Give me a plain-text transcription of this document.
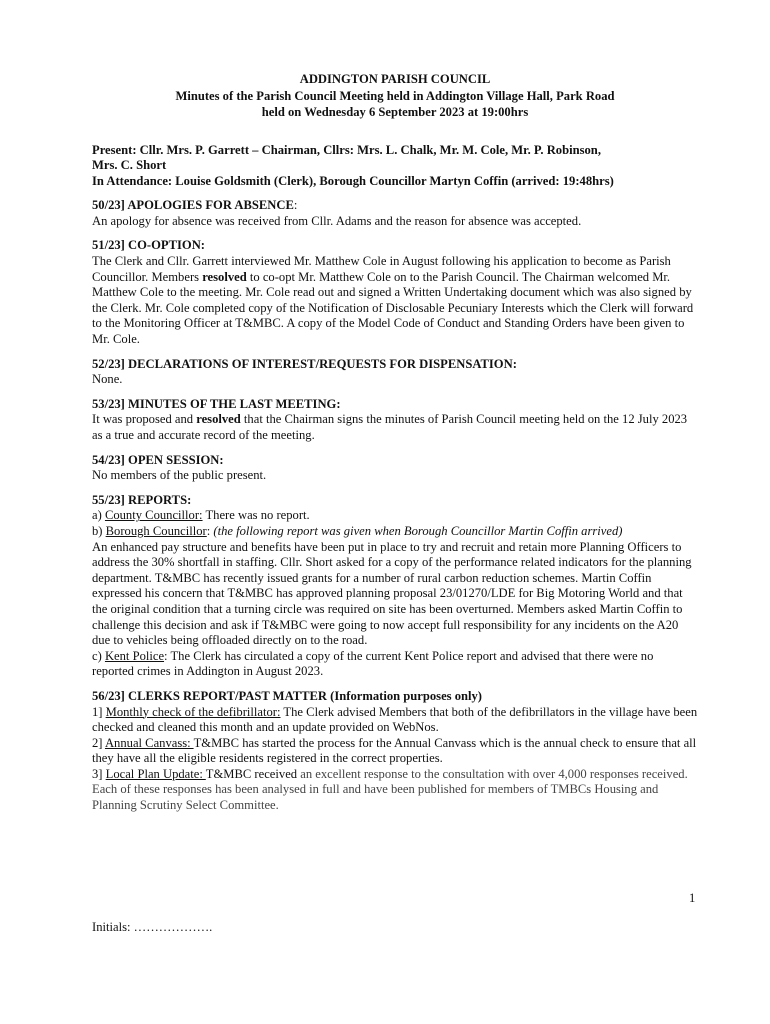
ADDINGTON PARISH COUNCIL
Minutes of the Parish Council Meeting held in Addington Village Hall, Park Road
held on Wednesday 6 September 2023 at 19:00hrs
Present: Cllr. Mrs. P. Garrett – Chairman, Cllrs: Mrs. L. Chalk, Mr. M. Cole, Mr. P. Robinson,
Mrs. C. Short
In Attendance: Louise Goldsmith (Clerk), Borough Councillor Martyn Coffin (arrived: 19:48hrs)
50/23] APOLOGIES FOR ABSENCE:
An apology for absence was received from Cllr. Adams and the reason for absence was accepted.
51/23] CO-OPTION:
The Clerk and Cllr. Garrett interviewed Mr. Matthew Cole in August following his application to become as Parish Councillor. Members resolved to co-opt Mr. Matthew Cole on to the Parish Council. The Chairman welcomed Mr. Matthew Cole to the meeting. Mr. Cole read out and signed a Written Undertaking document which was also signed by the Clerk. Mr. Cole completed copy of the Notification of Disclosable Pecuniary Interests which the Clerk will forward to the Monitoring Officer at T&MBC. A copy of the Model Code of Conduct and Standing Orders have been given to Mr. Cole.
52/23] DECLARATIONS OF INTEREST/REQUESTS FOR DISPENSATION:
None.
53/23] MINUTES OF THE LAST MEETING:
It was proposed and resolved that the Chairman signs the minutes of Parish Council meeting held on the 12 July 2023 as a true and accurate record of the meeting.
54/23] OPEN SESSION:
No members of the public present.
55/23] REPORTS:
a) County Councillor: There was no report.
b) Borough Councillor: (the following report was given when Borough Councillor Martin Coffin arrived)
An enhanced pay structure and benefits have been put in place to try and recruit and retain more Planning Officers to address the 30% shortfall in staffing. Cllr. Short asked for a copy of the performance related indicators for the planning department. T&MBC has recently issued grants for a number of rural carbon reduction schemes. Martin Coffin expressed his concern that T&MBC has approved planning proposal 23/01270/LDE for Big Motoring World and that the original condition that a turning circle was required on site has been overturned. Members asked Martin Coffin to challenge this decision and ask if T&MBC were going to now accept full responsibility for any incidents on the A20 due to vehicles being offloaded directly on to the road.
c) Kent Police: The Clerk has circulated a copy of the current Kent Police report and advised that there were no reported crimes in Addington in August 2023.
56/23] CLERKS REPORT/PAST MATTER (Information purposes only)
1] Monthly check of the defibrillator: The Clerk advised Members that both of the defibrillators in the village have been checked and cleaned this month and an update provided on WebNos.
2] Annual Canvass: T&MBC has started the process for the Annual Canvass which is the annual check to ensure that all they have all the eligible residents registered in the correct properties.
3] Local Plan Update: T&MBC received an excellent response to the consultation with over 4,000 responses received. Each of these responses has been analysed in full and have been published for members of TMBCs Housing and Planning Scrutiny Select Committee.
1
Initials: ……………….
